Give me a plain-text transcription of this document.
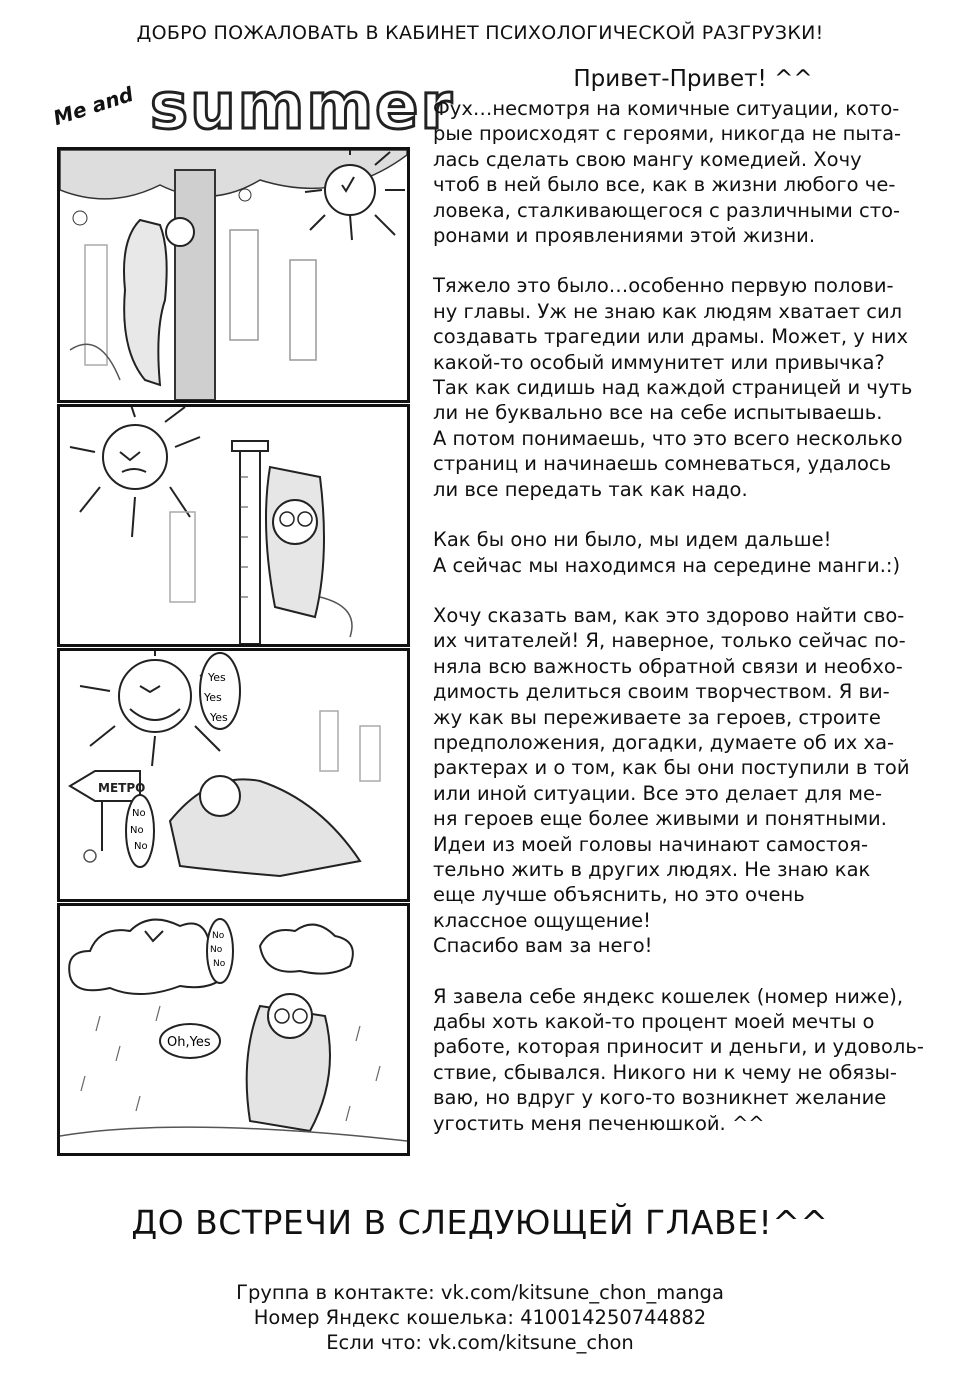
ДОБРО ПОЖАЛОВАТЬ В КАБИНЕТ ПСИХОЛОГИЧЕСКОЙ РАЗГРУЗКИ!
Me and summer
МЕТРО
Yes
Yes
Yes
No
No
No
No
No
No
Oh,Yes
Привет-Привет! ^^

Фух…несмотря на комичные ситуации, кото-
рые происходят с героями, никогда не пыта-
лась сделать свою мангу комедией. Хочу
чтоб в ней было все, как в жизни любого че-
ловека, сталкивающегося с различными сто-
ронами и проявлениями этой жизни.

Тяжело это было…особенно первую полови-
ну главы. Уж не знаю как людям хватает сил
создавать трагедии или драмы. Может, у них
какой-то особый иммунитет или привычка?
Так как сидишь над каждой страницей и чуть
ли не буквально все на себе испытываешь.
А потом понимаешь, что это всего несколько
страниц и начинаешь сомневаться, удалось
ли все передать так как надо.

Как бы оно ни было, мы идем дальше!
А сейчас мы находимся на середине манги.:)

Хочу сказать вам, как это здорово найти сво-
их читателей! Я, наверное, только сейчас по-
няла всю важность обратной связи и необхо-
димость делиться своим творчеством. Я ви-
жу как вы переживаете за героев, строите
предположения, догадки, думаете об их ха-
рактерах и о том, как бы они поступили в той
или иной ситуации. Все это делает для ме-
ня героев еще более живыми и понятными.
Идеи из моей головы начинают самостоя-
тельно жить в других людях. Не знаю как
еще лучше объяснить, но это очень
классное ощущение!
Спасибо вам за него!

Я завела себе яндекс кошелек (номер ниже),
дабы хоть какой-то процент моей мечты о
работе, которая приносит и деньги, и удоволь-
ствие, сбывался. Никого ни к чему не обязы-
ваю, но вдруг у кого-то возникнет желание
угостить меня печенюшкой. ^^

ДО ВСТРЕЧИ В СЛЕДУЮЩЕЙ ГЛАВЕ!^^
Группа в контакте: vk.com/kitsune_chon_manga
Номер Яндекс кошелька: 410014250744882
Если что: vk.com/kitsune_chon
